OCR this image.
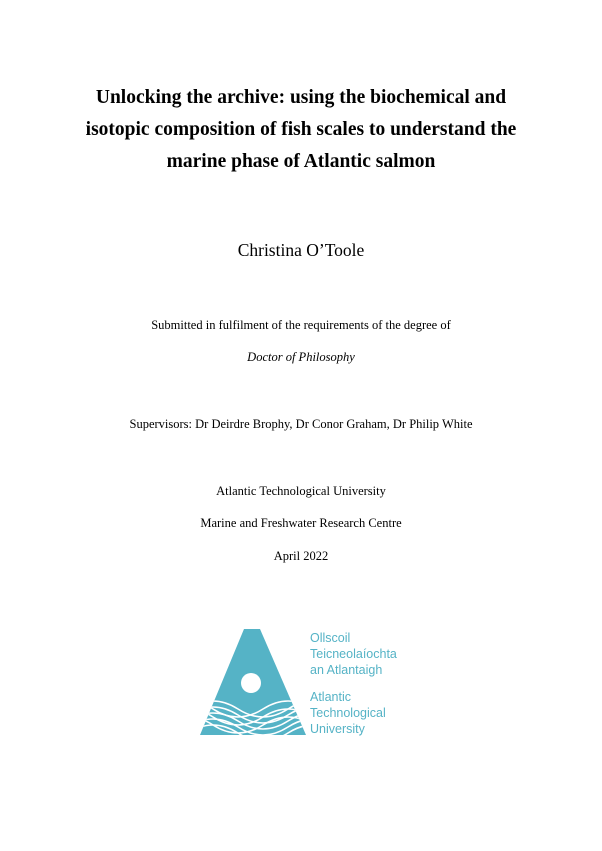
Unlocking the archive: using the biochemical and
isotopic composition of fish scales to understand the
marine phase of Atlantic salmon
Christina O’Toole
Submitted in fulfilment of the requirements of the degree of
Doctor of Philosophy
Supervisors: Dr Deirdre Brophy, Dr Conor Graham, Dr Philip White
Atlantic Technological University
Marine and Freshwater Research Centre
April 2022
Ollscoil
Teicneolaíochta
an Atlantaigh
Atlantic
Technological
University
